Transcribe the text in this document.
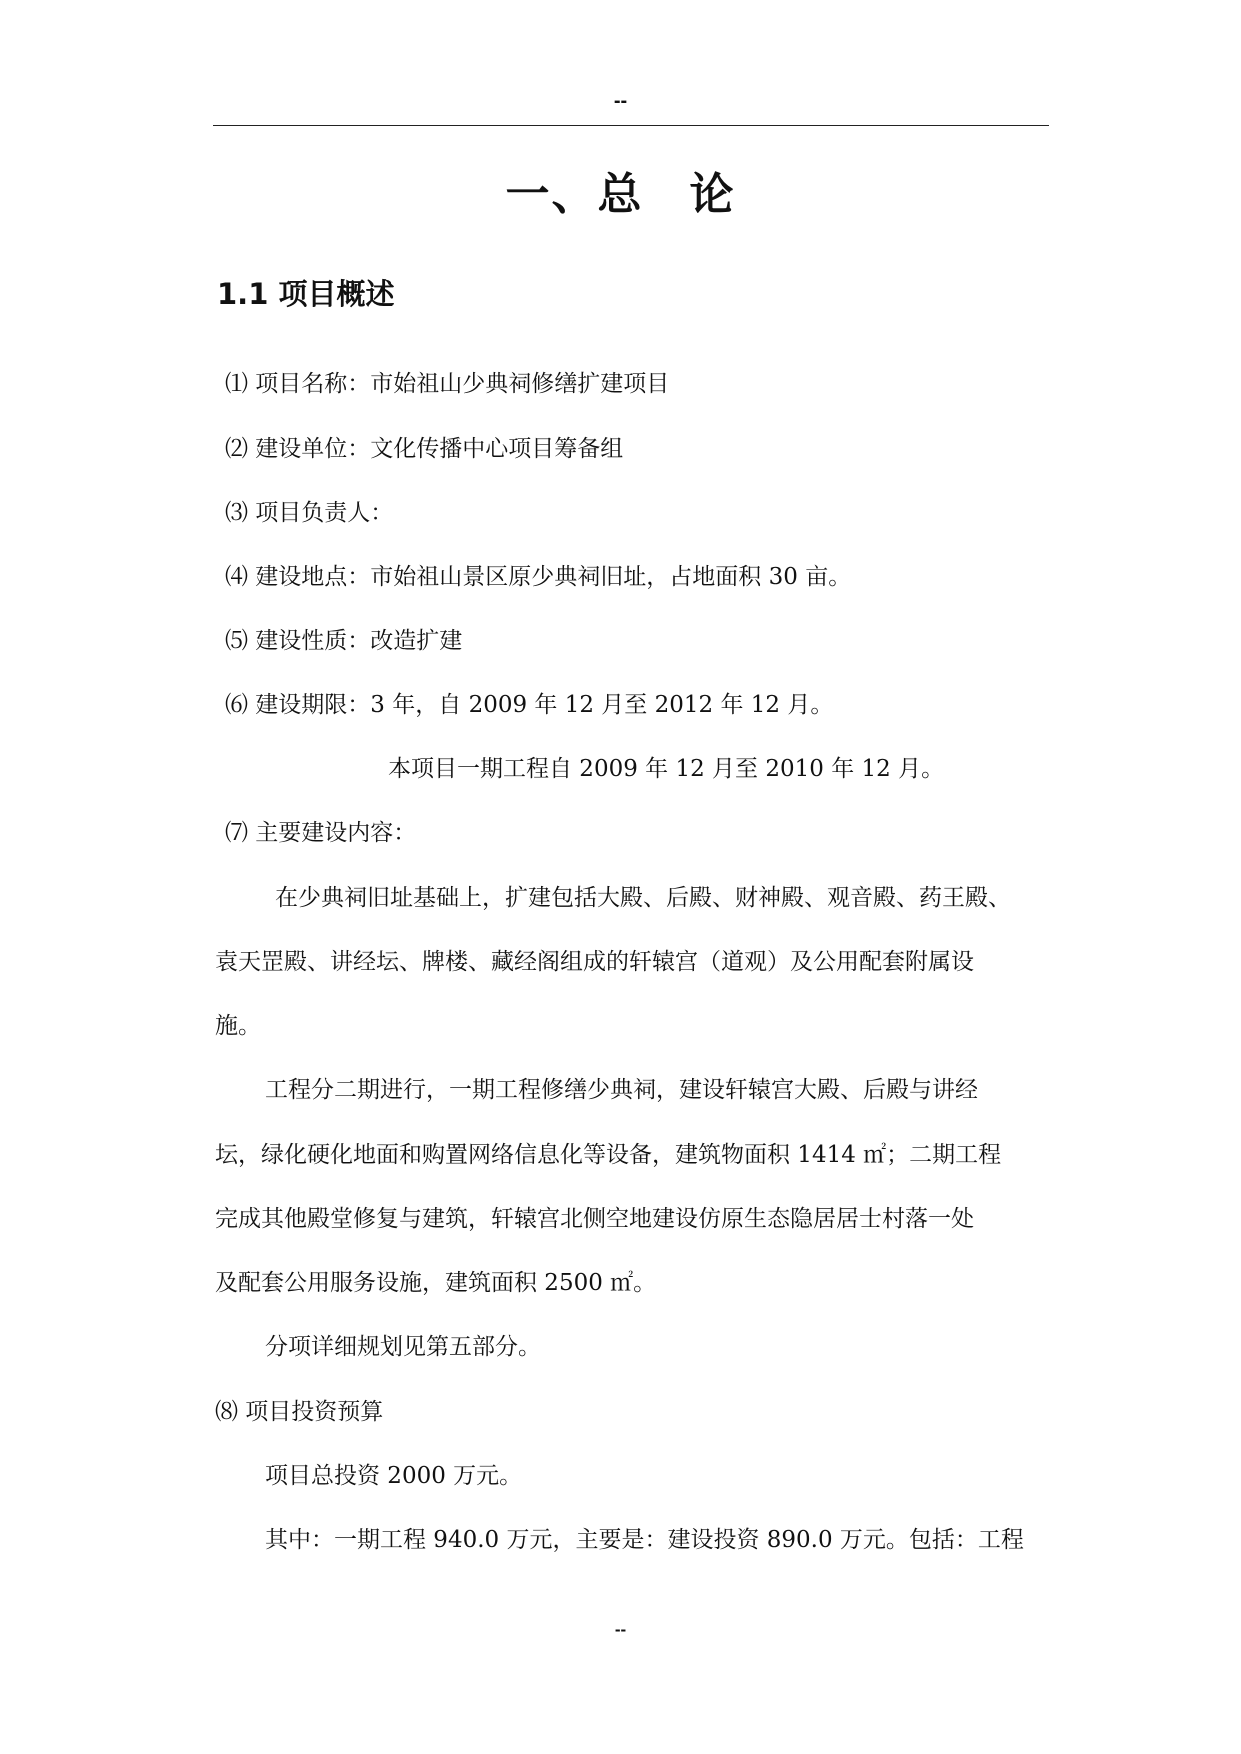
--
一、总　论
1.1 项目概述
⑴ 项目名称：市始祖山少典祠修缮扩建项目
⑵ 建设单位：文化传播中心项目筹备组
⑶ 项目负责人：
⑷ 建设地点：市始祖山景区原少典祠旧址，占地面积 30 亩。
⑸ 建设性质：改造扩建
⑹ 建设期限：3 年，自 2009 年 12 月至 2012 年 12 月。
本项目一期工程自 2009 年 12 月至 2010 年 12 月。
⑺ 主要建设内容：
在少典祠旧址基础上，扩建包括大殿、后殿、财神殿、观音殿、药王殿、
袁天罡殿、讲经坛、牌楼、藏经阁组成的轩辕宫（道观）及公用配套附属设
施。
工程分二期进行，一期工程修缮少典祠，建设轩辕宫大殿、后殿与讲经
坛，绿化硬化地面和购置网络信息化等设备，建筑物面积 1414 ㎡；二期工程
完成其他殿堂修复与建筑，轩辕宫北侧空地建设仿原生态隐居居士村落一处
及配套公用服务设施，建筑面积 2500 ㎡。
分项详细规划见第五部分。
⑻ 项目投资预算
项目总投资 2000 万元。
其中：一期工程 940.0 万元，主要是：建设投资 890.0 万元。包括：工程
--
